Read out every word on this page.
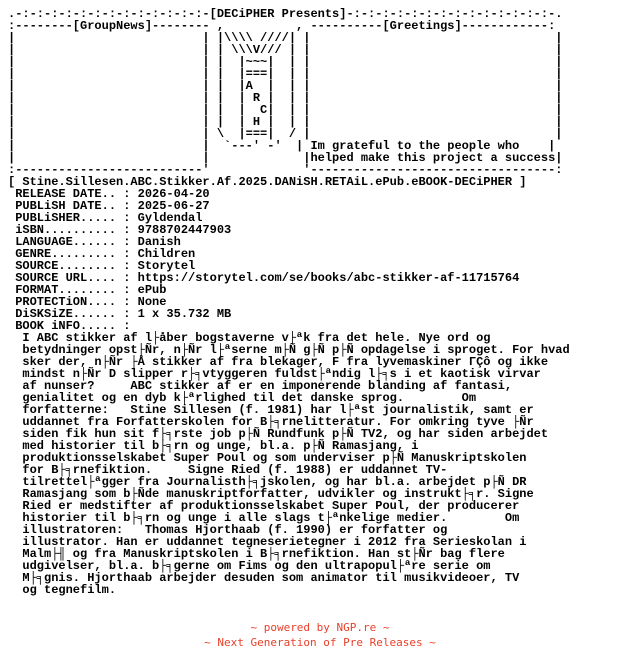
.-:-:-:-:-:-:-:-:-:-:-:-:-:-[DECiPHER Presents]-:-:-:-:-:-:-:-:-:-:-:-:-:-:-.
:--------[GroupNews]-------- ,          , ----------[Greetings]------------:
|                          | |\\\\ ////| |                                  |
|                          | | \\\V/// | |                                  |
|                          | |  |~~~|  | |                                  |
|                          | |  |===|  | |                                  |
|                          | |  |A  |  | |                                  |
|                          | |  | R |  | |                                  |
|                          | |  |  C|  | |                                  |
|                          | |  | H |  | |                                  |
|                          | \  |===|  / |                                  |
|                          |  `---' -'  | Im grateful to the people who    |
|                          |             |helped make this project a success|
:--------------------------'             '----------------------------------:
[ Stine.Sillesen.ABC.Stikker.Af.2025.DANiSH.RETAiL.ePub.eBOOK-DECiPHER ]
RELEASE DATE.. : 2026-04-20
PUBLiSH DATE.. : 2025-06-27
PUBLiSHER..... : Gyldendal
iSBN.......... : 9788702447903
LANGUAGE...... : Danish
GENRE......... : Children
SOURCE........ : Storytel
SOURCE URL.... : https://storytel.com/se/books/abc-stikker-af-11715764
FORMAT........ : ePub
PROTECTiON.... : None
DiSKSiZE...... : 1 x 35.732 MB
BOOK iNFO..... :
I ABC stikker af l├åber bogstaverne v├ªk fra det hele. Nye ord og
betydninger opst├Ñr, n├Ñr l├ªserne m├Ñ g├Ñ p├Ñ opdagelse i sproget. For hvad
sker der, n├Ñr ├Å stikker af fra blekager, F fra lyvemaskiner ΓÇô og ikke
mindst n├Ñr D slipper r├╕vtyggeren fuldst├ªndig l├╕s i et kaotisk virvar
af nunser?     ABC stikker af er en imponerende blanding af fantasi,
genialitet og en dyb k├ªrlighed til det danske sprog.        Om
forfatterne:   Stine Sillesen (f. 1981) har l├ªst journalistik, samt er
uddannet fra Forfatterskolen for B├╕rnelitteratur. For omkring tyve ├Ñr
siden fik hun sit f├╕rste job p├Ñ Rundfunk p├Ñ TV2, og har siden arbejdet
med historier til b├╕rn og unge, bl.a. p├Ñ Ramasjang, i
produktionsselskabet Super Poul og som underviser p├Ñ Manuskriptskolen
for B├╕rnefiktion.     Signe Ried (f. 1988) er uddannet TV-
tilrettel├ªgger fra Journalisth├╕jskolen, og har bl.a. arbejdet p├Ñ DR
Ramasjang som b├Ñde manuskriptforfatter, udvikler og instrukt├╕r. Signe
Ried er medstifter af produktionsselskabet Super Poul, der producerer
historier til b├╕rn og unge i alle slags t├ªnkelige medier.        Om
illustratoren:   Thomas Hjorthaab (f. 1990) er forfatter og
illustrator. Han er uddannet tegneserietegner i 2012 fra Serieskolan i
Malm├╢ og fra Manuskriptskolen i B├╕rnefiktion. Han st├Ñr bag flere
udgivelser, bl.a. b├╕gerne om Fims og den ultrapopul├ªre serie om
M├╕gnis. Hjorthaab arbejder desuden som animator til musikvideoer, TV
og tegnefilm.

~ powered by NGP.re ~
~ Next Generation of Pre Releases ~
